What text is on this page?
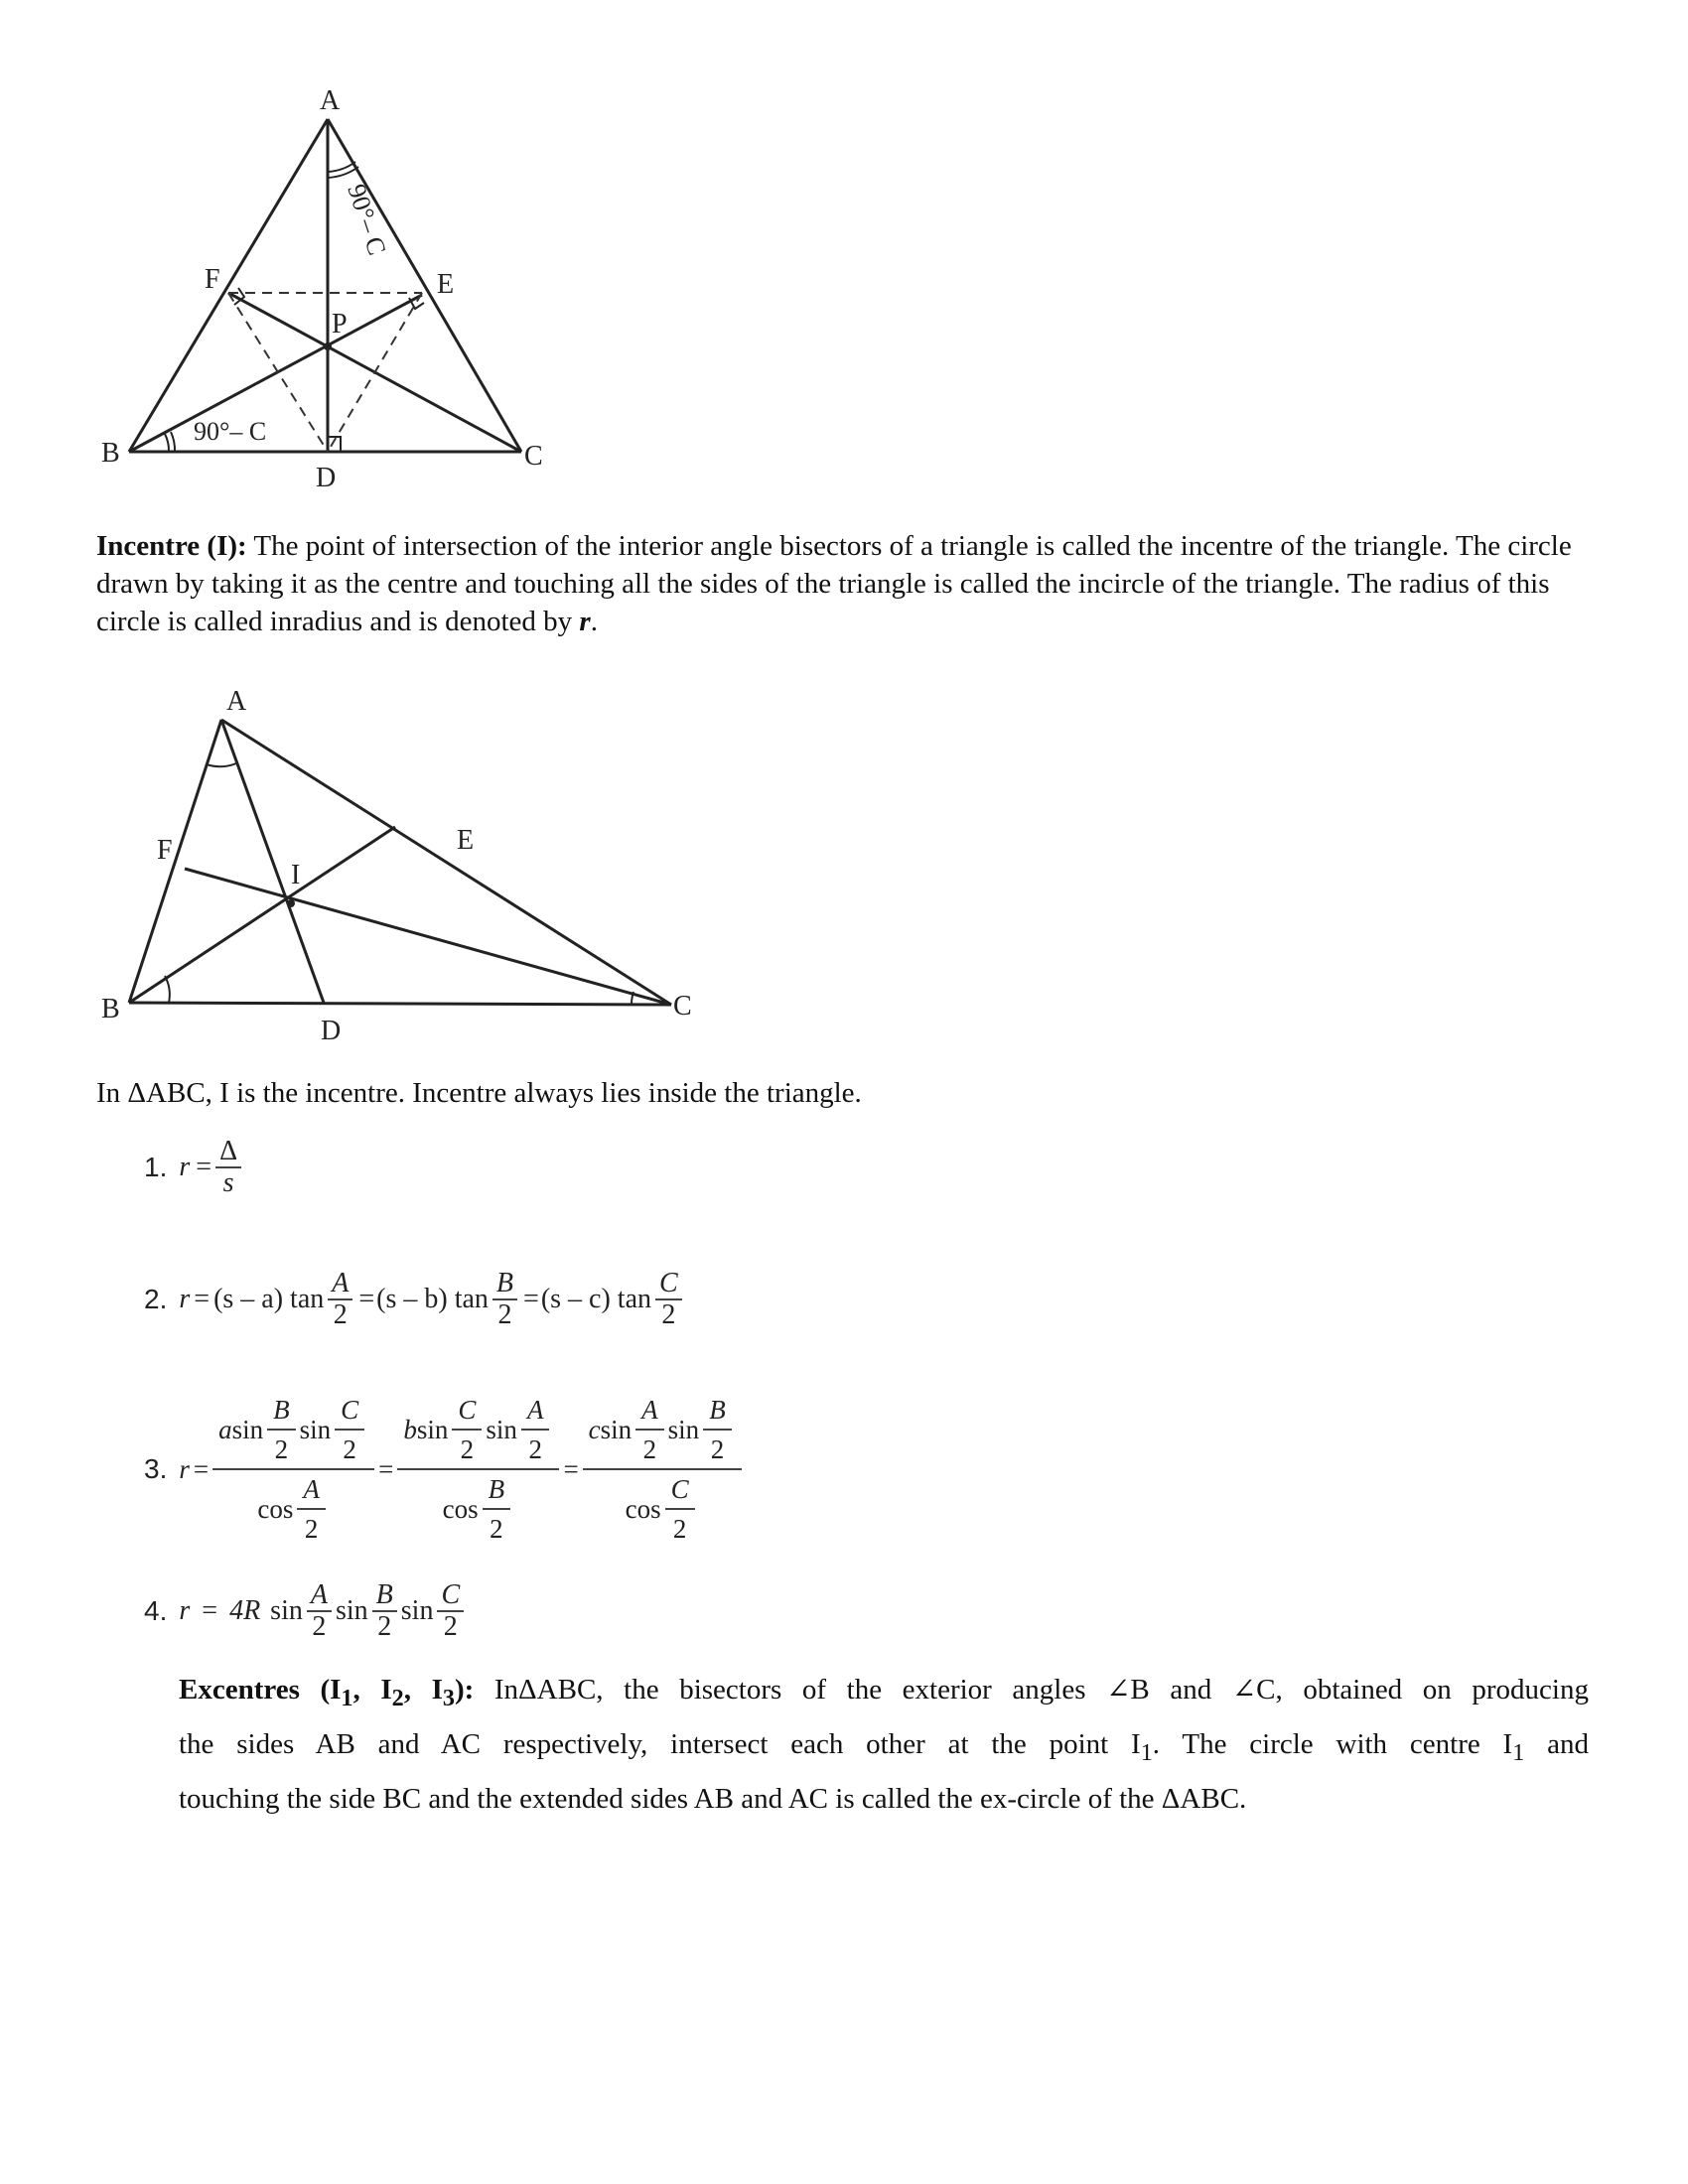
A
B	C
D
E
F
P
90°– C
90°– C
Incentre (I): The point of intersection of the interior angle bisectors of a triangle is called the incentre of the triangle. The circle drawn by taking it as the centre and touching all the sides of the triangle is called the incircle of the triangle. The radius of this circle is called inradius and is denoted by r.
A
B	C
D
E
F
I
In ΔABC, I is the incentre. Incentre always lies inside the triangle.
1. $r = \frac{\Delta}{s}$
2. r = (s – a) $\tan \frac{A}{2} = (s - b)$ $\tan \frac{B}{2} = (s - c)$ $\tan \frac{C}{2}$
3. $r = \frac{a \sin \frac{B}{2} \sin \frac{C}{2}}{\cos \frac{A}{2}} = \frac{b \sin \frac{C}{2} \sin \frac{A}{2}}{\cos \frac{B}{2}} = \frac{c \sin \frac{A}{2} \sin \frac{B}{2}}{\cos \frac{C}{2}}$
4. r = 4R $\sin \frac{A}{2}$ $\sin \frac{B}{2}$ $\sin \frac{C}{2}$
Excentres ($I_1$, $I_2$, $I_3$): InΔABC, the bisectors of the exterior angles ∠B and ∠C, obtained on producing
the sides AB and AC respectively, intersect each other at the point $I_1$. The circle with centre $I_1$ and
touching the side BC and the extended sides AB and AC is called the ex-circle of the ΔABC.
